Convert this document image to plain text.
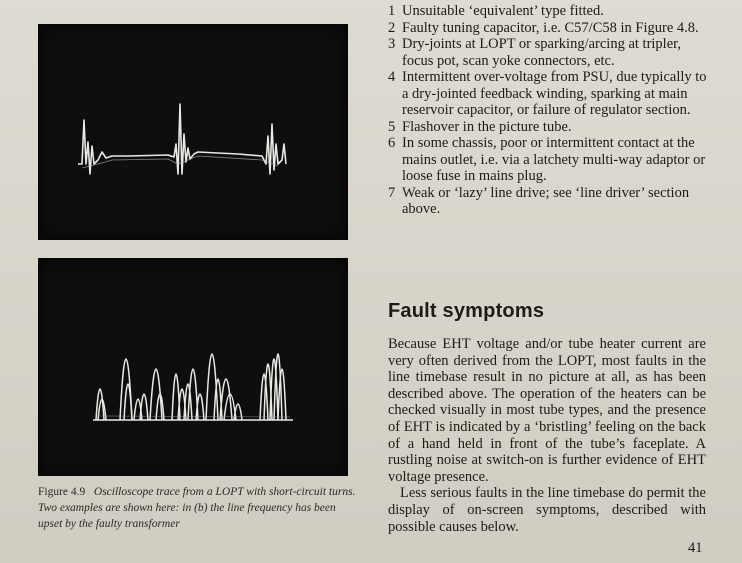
Figure 4.9 Oscilloscope trace from a LOPT with short-circuit turns. Two examples are shown here: in (b) the line frequency has been upset by the faulty transformer
1 Unsuitable ‘equivalent’ type fitted.
2 Faulty tuning capacitor, i.e. C57/C58 in Figure 4.8.
3 Dry-joints at LOPT or sparking/arcing at tripler, focus pot, scan yoke connectors, etc.
4 Intermittent over-voltage from PSU, due typically to a dry-jointed feedback winding, sparking at main reservoir capacitor, or failure of regulator section.
5 Flashover in the picture tube.
6 In some chassis, poor or intermittent contact at the mains outlet, i.e. via a latchety multi-way adaptor or loose fuse in mains plug.
7 Weak or ‘lazy’ line drive; see ‘line driver’ section above.
Fault symptoms

Because EHT voltage and/or tube heater current are very often derived from the LOPT, most faults in the line timebase result in no picture at all, as has been described above. The operation of the heaters can be checked visually in most tube types, and the presence of EHT is indicated by a ‘bristling’ feeling on the back of a hand held in front of the tube’s faceplate. A rustling noise at switch-on is further evidence of EHT voltage presence.

Less serious faults in the line timebase do permit the display of on-screen symptoms, described with possible causes below.

41
